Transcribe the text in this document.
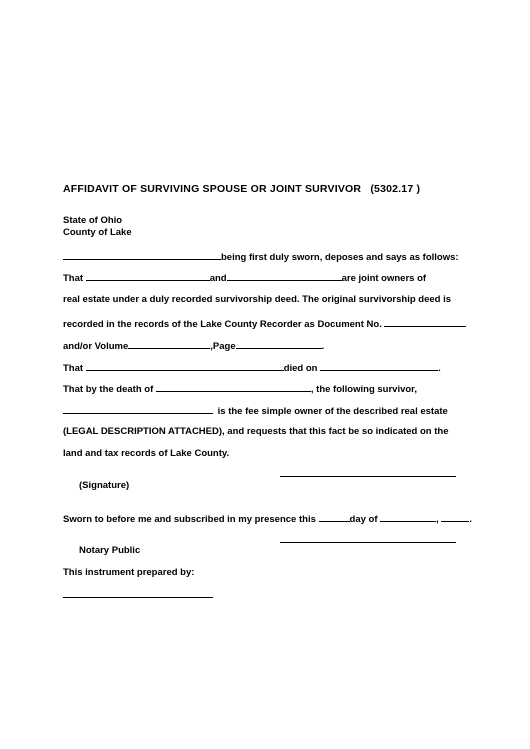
AFFIDAVIT OF SURVIVING SPOUSE OR JOINT SURVIVOR (5302.17 )
State of Ohio
County of Lake
being first duly sworn, deposes and says as follows:
That	and	are joint owners of
real estate under a duly recorded survivorship deed. The original survivorship deed is
recorded in the records of the Lake County Recorder as Document No.
and/or Volume	,Page	.
That	died on	.
That by the death of	, the following survivor,
is the fee simple owner of the described real estate
(LEGAL DESCRIPTION ATTACHED), and requests that this fact be so indicated on the
land and tax records of Lake County.
(Signature)
Sworn to before me and subscribed in my presence this	day of	,	.
Notary Public
This instrument prepared by:
